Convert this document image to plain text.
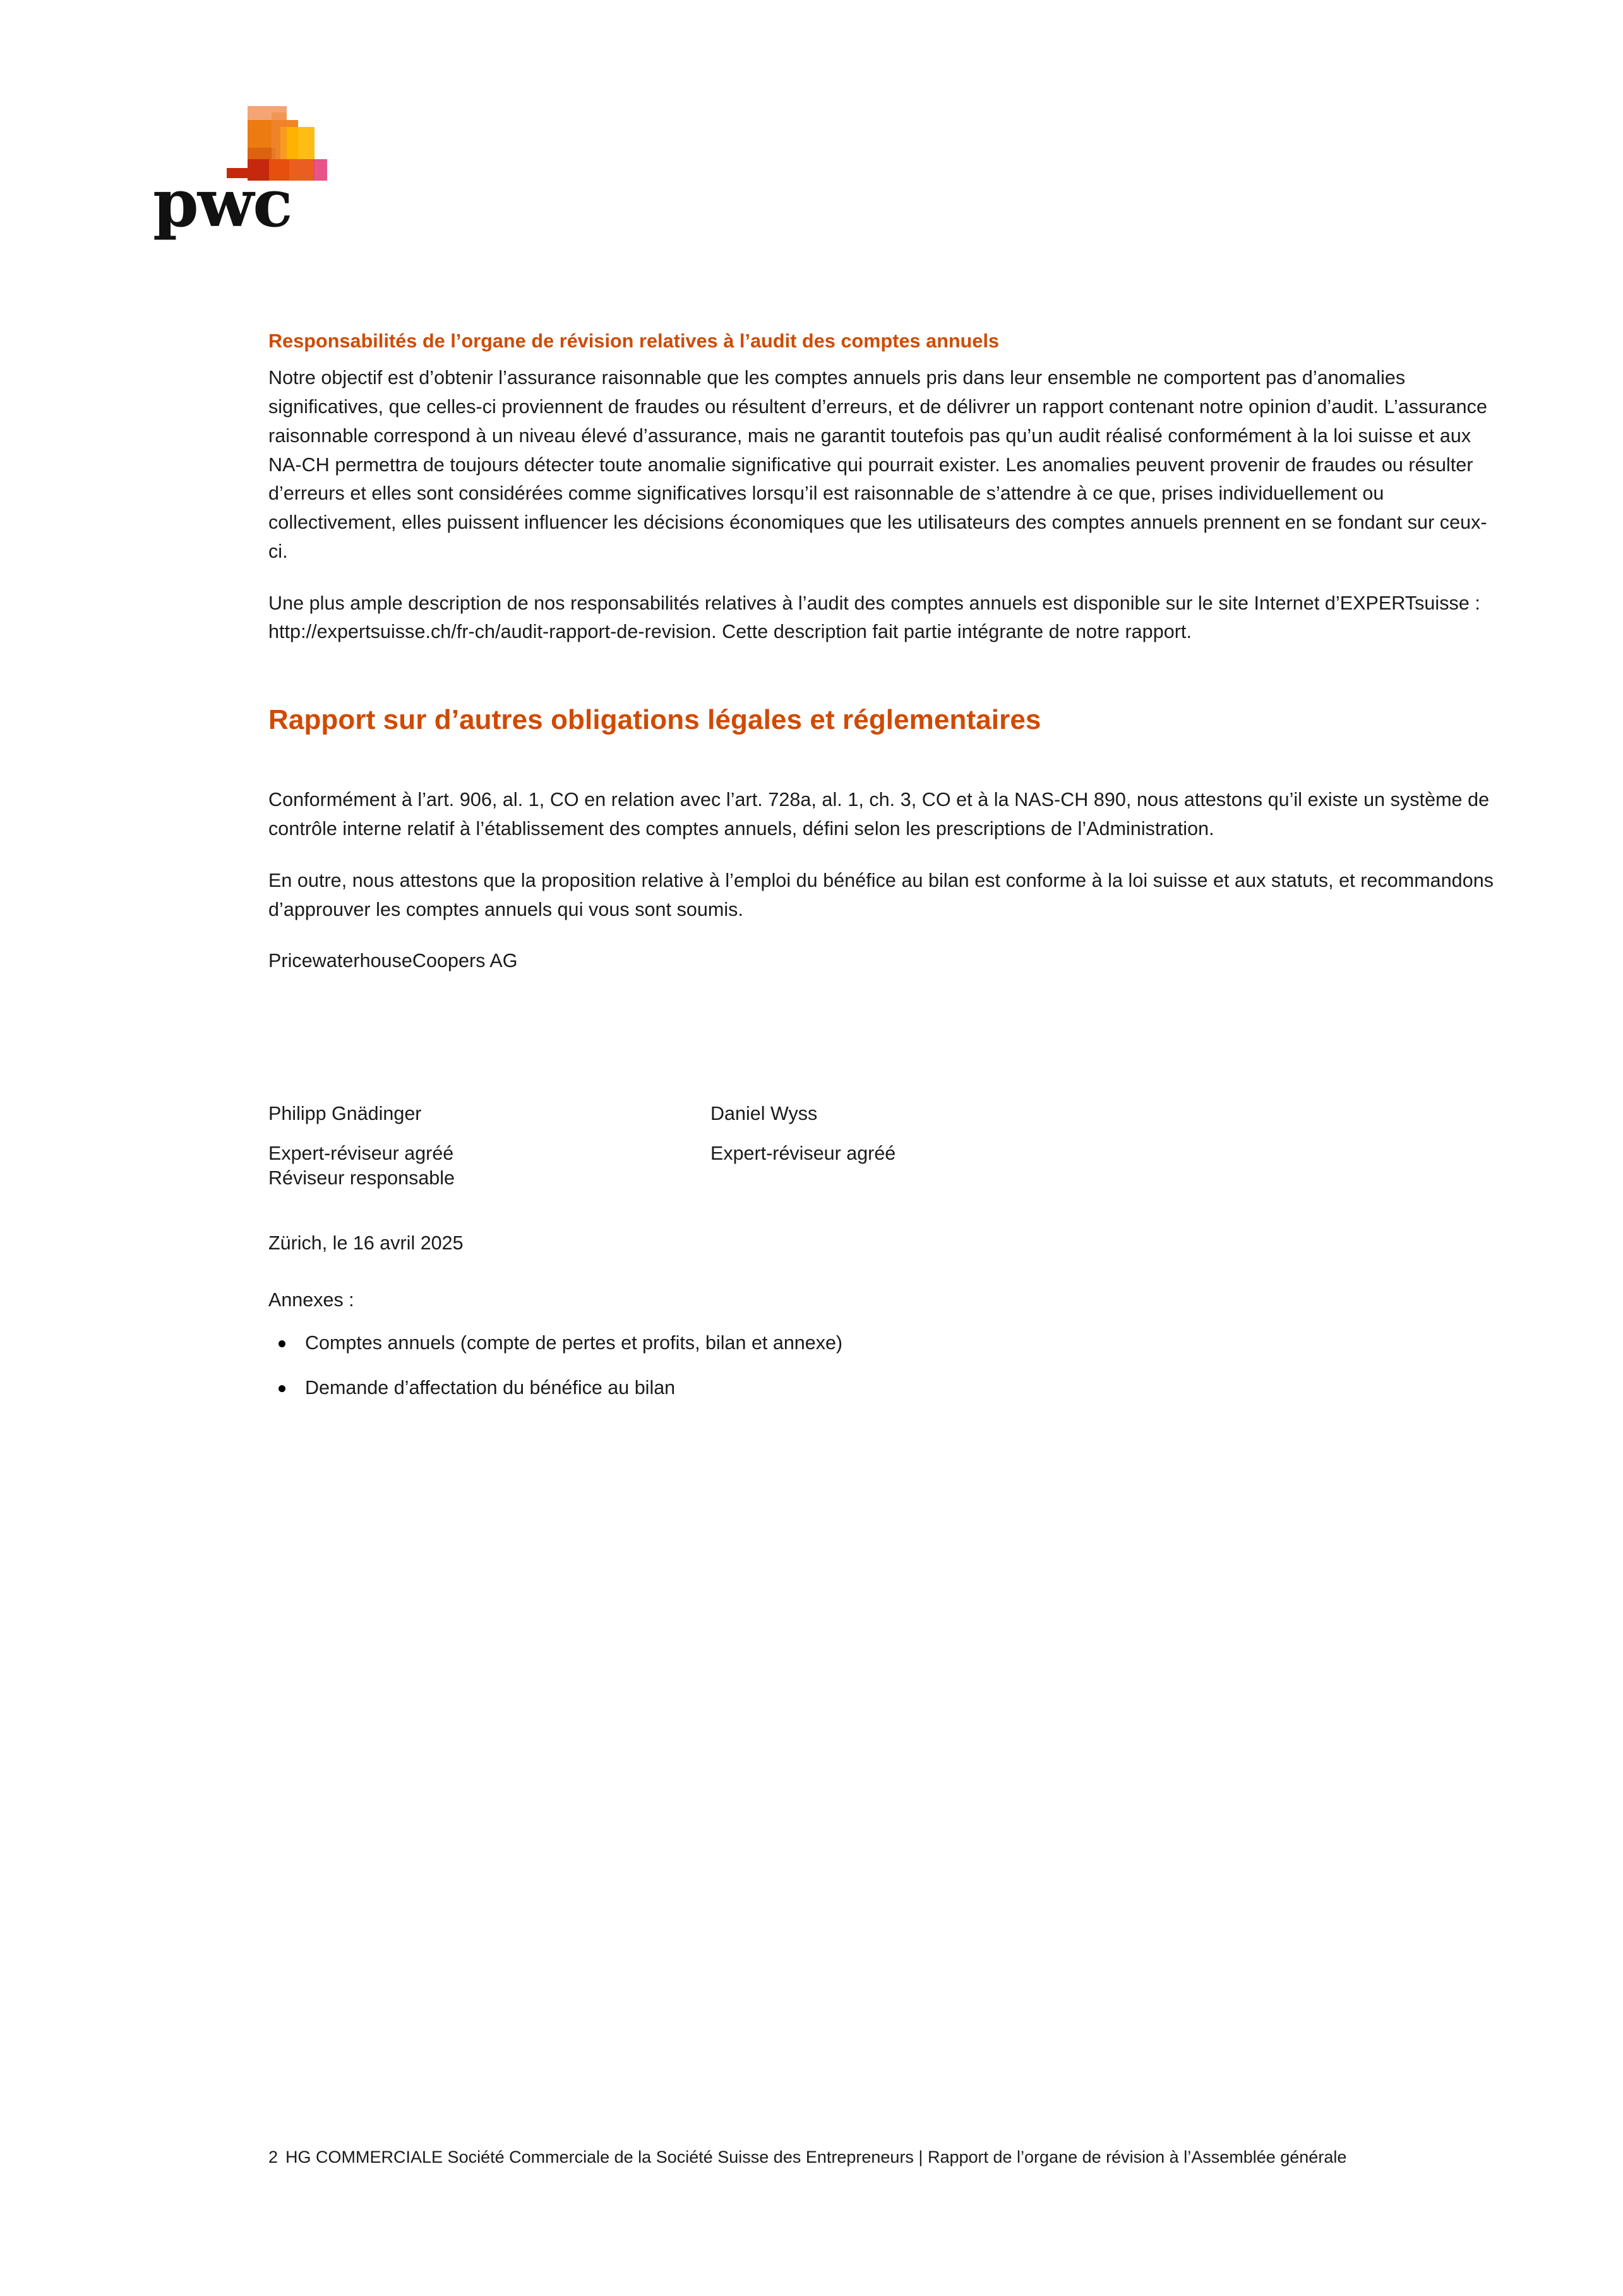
pwc
Responsabilités de l’organe de révision relatives à l’audit des comptes annuels

Notre objectif est d’obtenir l’assurance raisonnable que les comptes annuels pris dans leur ensemble ne comportent pas d’anomalies significatives, que celles-ci proviennent de fraudes ou résultent d’erreurs, et de délivrer un rapport contenant notre opinion d’audit. L’assurance raisonnable correspond à un niveau élevé d’assurance, mais ne garantit toutefois pas qu’un audit réalisé conformément à la loi suisse et aux NA-CH permettra de toujours détecter toute anomalie significative qui pourrait exister. Les anomalies peuvent provenir de fraudes ou résulter d’erreurs et elles sont considérées comme significatives lorsqu’il est raisonnable de s’attendre à ce que, prises individuellement ou collectivement, elles puissent influencer les décisions économiques que les utilisateurs des comptes annuels prennent en se fondant sur ceux-ci.

Une plus ample description de nos responsabilités relatives à l’audit des comptes annuels est disponible sur le site Internet d’EXPERTsuisse : http://expertsuisse.ch/fr-ch/audit-rapport-de-revision. Cette description fait partie intégrante de notre rapport.

Rapport sur d’autres obligations légales et réglementaires

Conformément à l’art. 906, al. 1, CO en relation avec l’art. 728a, al. 1, ch. 3, CO et à la NAS-CH 890, nous attestons qu’il existe un système de contrôle interne relatif à l’établissement des comptes annuels, défini selon les prescriptions de l’Administration.

En outre, nous attestons que la proposition relative à l’emploi du bénéfice au bilan est conforme à la loi suisse et aux statuts, et recommandons d’approuver les comptes annuels qui vous sont soumis.

PricewaterhouseCoopers AG

Philipp Gnädinger
Expert-réviseur agréé
Réviseur responsable
Daniel Wyss
Expert-réviseur agréé
Zürich, le 16 avril 2025
Annexes :
Comptes annuels (compte de pertes et profits, bilan et annexe)
Demande d’affectation du bénéfice au bilan
2 HG COMMERCIALE Société Commerciale de la Société Suisse des Entrepreneurs | Rapport de l’organe de révision à l’Assemblée générale
